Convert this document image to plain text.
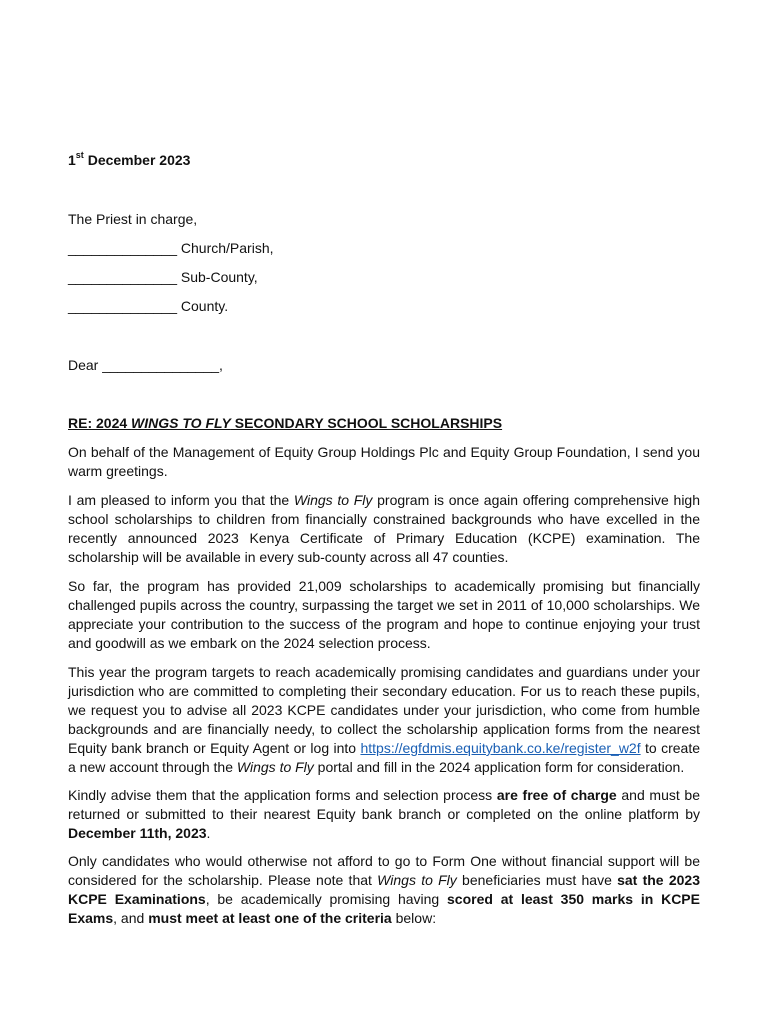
1st December 2023
The Priest in charge,
______________ Church/Parish,
______________ Sub-County,
______________ County.
Dear _______________,
RE: 2024 WINGS TO FLY SECONDARY SCHOOL SCHOLARSHIPS

On behalf of the Management of Equity Group Holdings Plc and Equity Group Foundation, I send you warm greetings.

I am pleased to inform you that the Wings to Fly program is once again offering comprehensive high school scholarships to children from financially constrained backgrounds who have excelled in the recently announced 2023 Kenya Certificate of Primary Education (KCPE) examination. The scholarship will be available in every sub-county across all 47 counties.

So far, the program has provided 21,009 scholarships to academically promising but financially challenged pupils across the country, surpassing the target we set in 2011 of 10,000 scholarships. We appreciate your contribution to the success of the program and hope to continue enjoying your trust and goodwill as we embark on the 2024 selection process.

This year the program targets to reach academically promising candidates and guardians under your jurisdiction who are committed to completing their secondary education. For us to reach these pupils, we request you to advise all 2023 KCPE candidates under your jurisdiction, who come from humble backgrounds and are financially needy, to collect the scholarship application forms from the nearest Equity bank branch or Equity Agent or log into https://egfdmis.equitybank.co.ke/register_w2f to create a new account through the Wings to Fly portal and fill in the 2024 application form for consideration.

Kindly advise them that the application forms and selection process are free of charge and must be returned or submitted to their nearest Equity bank branch or completed on the online platform by December 11th, 2023.

Only candidates who would otherwise not afford to go to Form One without financial support will be considered for the scholarship. Please note that Wings to Fly beneficiaries must have sat the 2023 KCPE Examinations, be academically promising having scored at least 350 marks in KCPE Exams, and must meet at least one of the criteria below:
